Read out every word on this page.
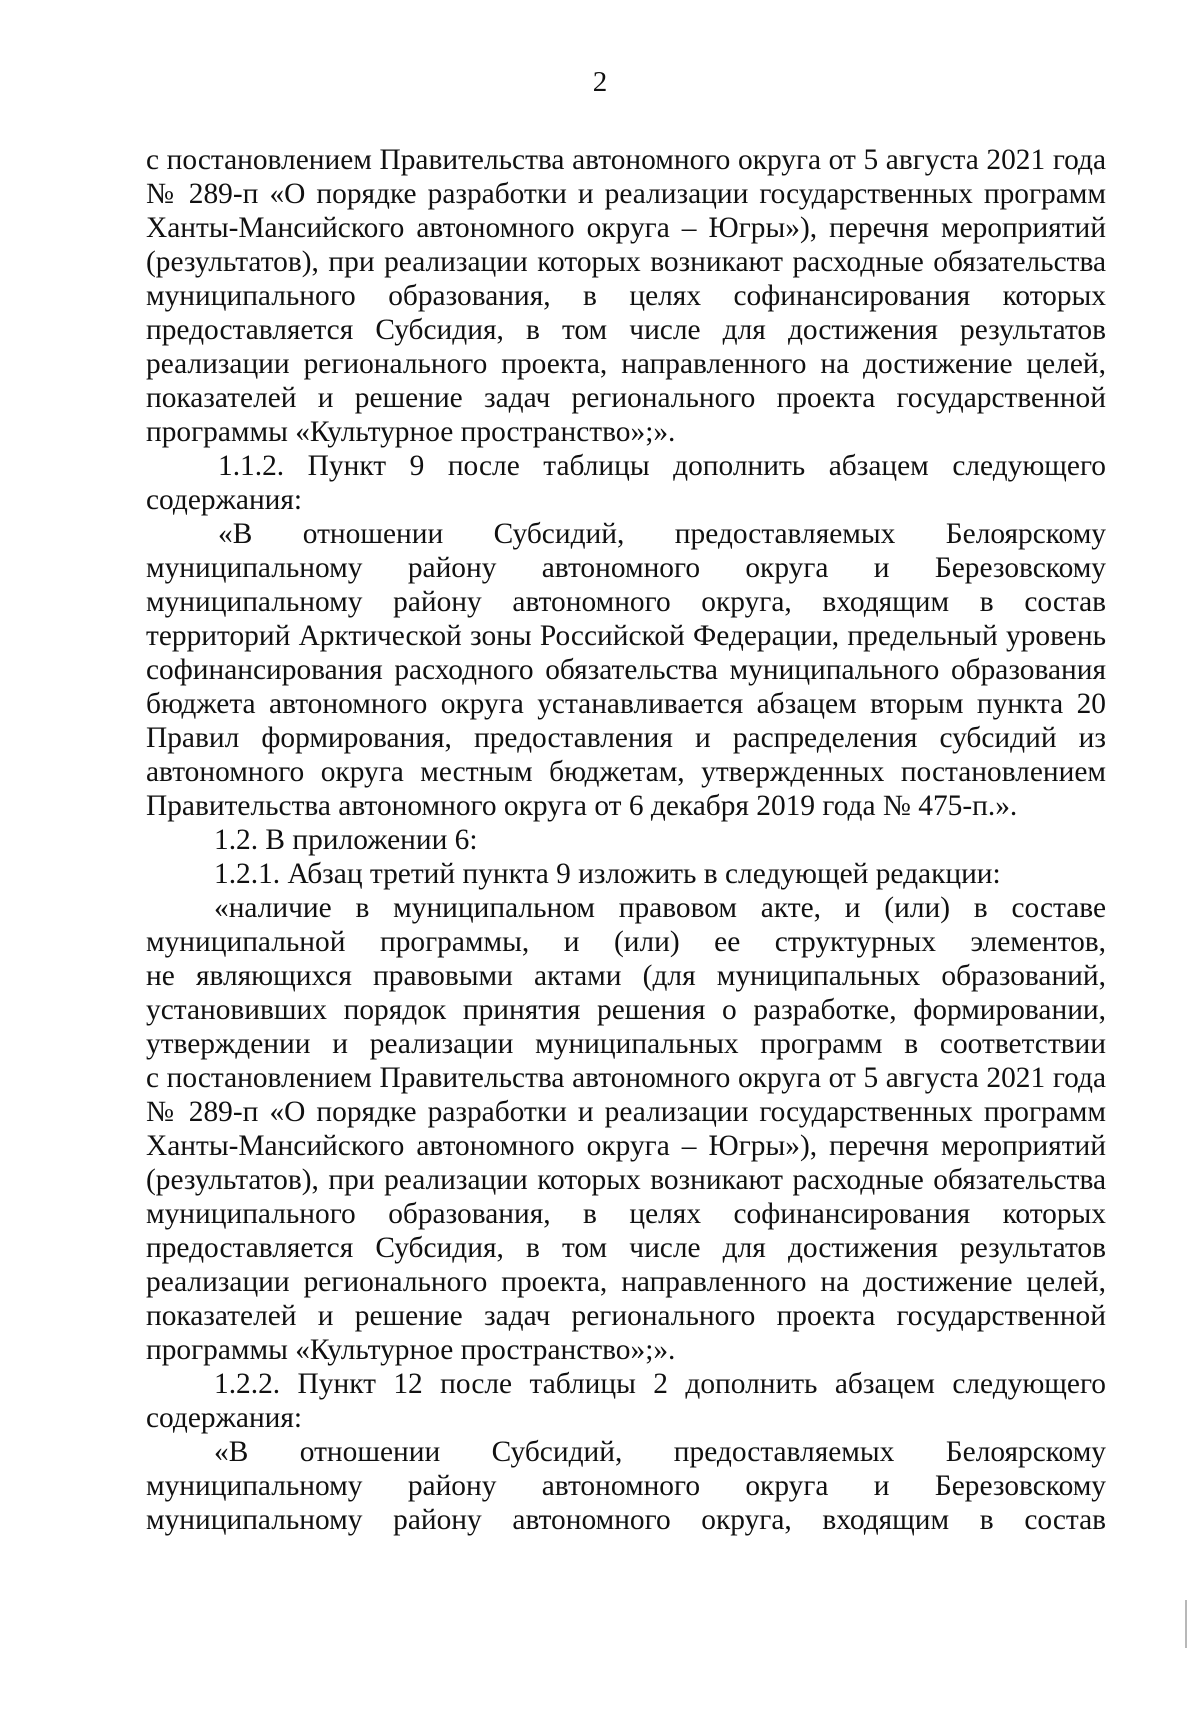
2
с постановлением Правительства автономного округа от 5 августа 2021 года
№ 289-п «О порядке разработки и реализации государственных программ
Ханты-Мансийского автономного округа – Югры»), перечня мероприятий
(результатов), при реализации которых возникают расходные обязательства
муниципального образования, в целях софинансирования которых
предоставляется Субсидия, в том числе для достижения результатов
реализации регионального проекта, направленного на достижение целей,
показателей и решение задач регионального проекта государственной
программы «Культурное пространство»;».
1.1.2. Пункт 9 после таблицы дополнить абзацем следующего
содержания:
«В отношении Субсидий, предоставляемых Белоярскому
муниципальному району автономного округа и Березовскому
муниципальному району автономного округа, входящим в состав
территорий Арктической зоны Российской Федерации, предельный уровень
софинансирования расходного обязательства муниципального образования
бюджета автономного округа устанавливается абзацем вторым пункта 20
Правил формирования, предоставления и распределения субсидий из
автономного округа местным бюджетам, утвержденных постановлением
Правительства автономного округа от 6 декабря 2019 года № 475-п.».
1.2. В приложении 6:
1.2.1. Абзац третий пункта 9 изложить в следующей редакции:
«наличие в муниципальном правовом акте, и (или) в составе
муниципальной программы, и (или) ее структурных элементов,
не являющихся правовыми актами (для муниципальных образований,
установивших порядок принятия решения о разработке, формировании,
утверждении и реализации муниципальных программ в соответствии
с постановлением Правительства автономного округа от 5 августа 2021 года
№ 289-п «О порядке разработки и реализации государственных программ
Ханты-Мансийского автономного округа – Югры»), перечня мероприятий
(результатов), при реализации которых возникают расходные обязательства
муниципального образования, в целях софинансирования которых
предоставляется Субсидия, в том числе для достижения результатов
реализации регионального проекта, направленного на достижение целей,
показателей и решение задач регионального проекта государственной
программы «Культурное пространство»;».
1.2.2. Пункт 12 после таблицы 2 дополнить абзацем следующего
содержания:
«В отношении Субсидий, предоставляемых Белоярскому
муниципальному району автономного округа и Березовскому
муниципальному району автономного округа, входящим в состав
